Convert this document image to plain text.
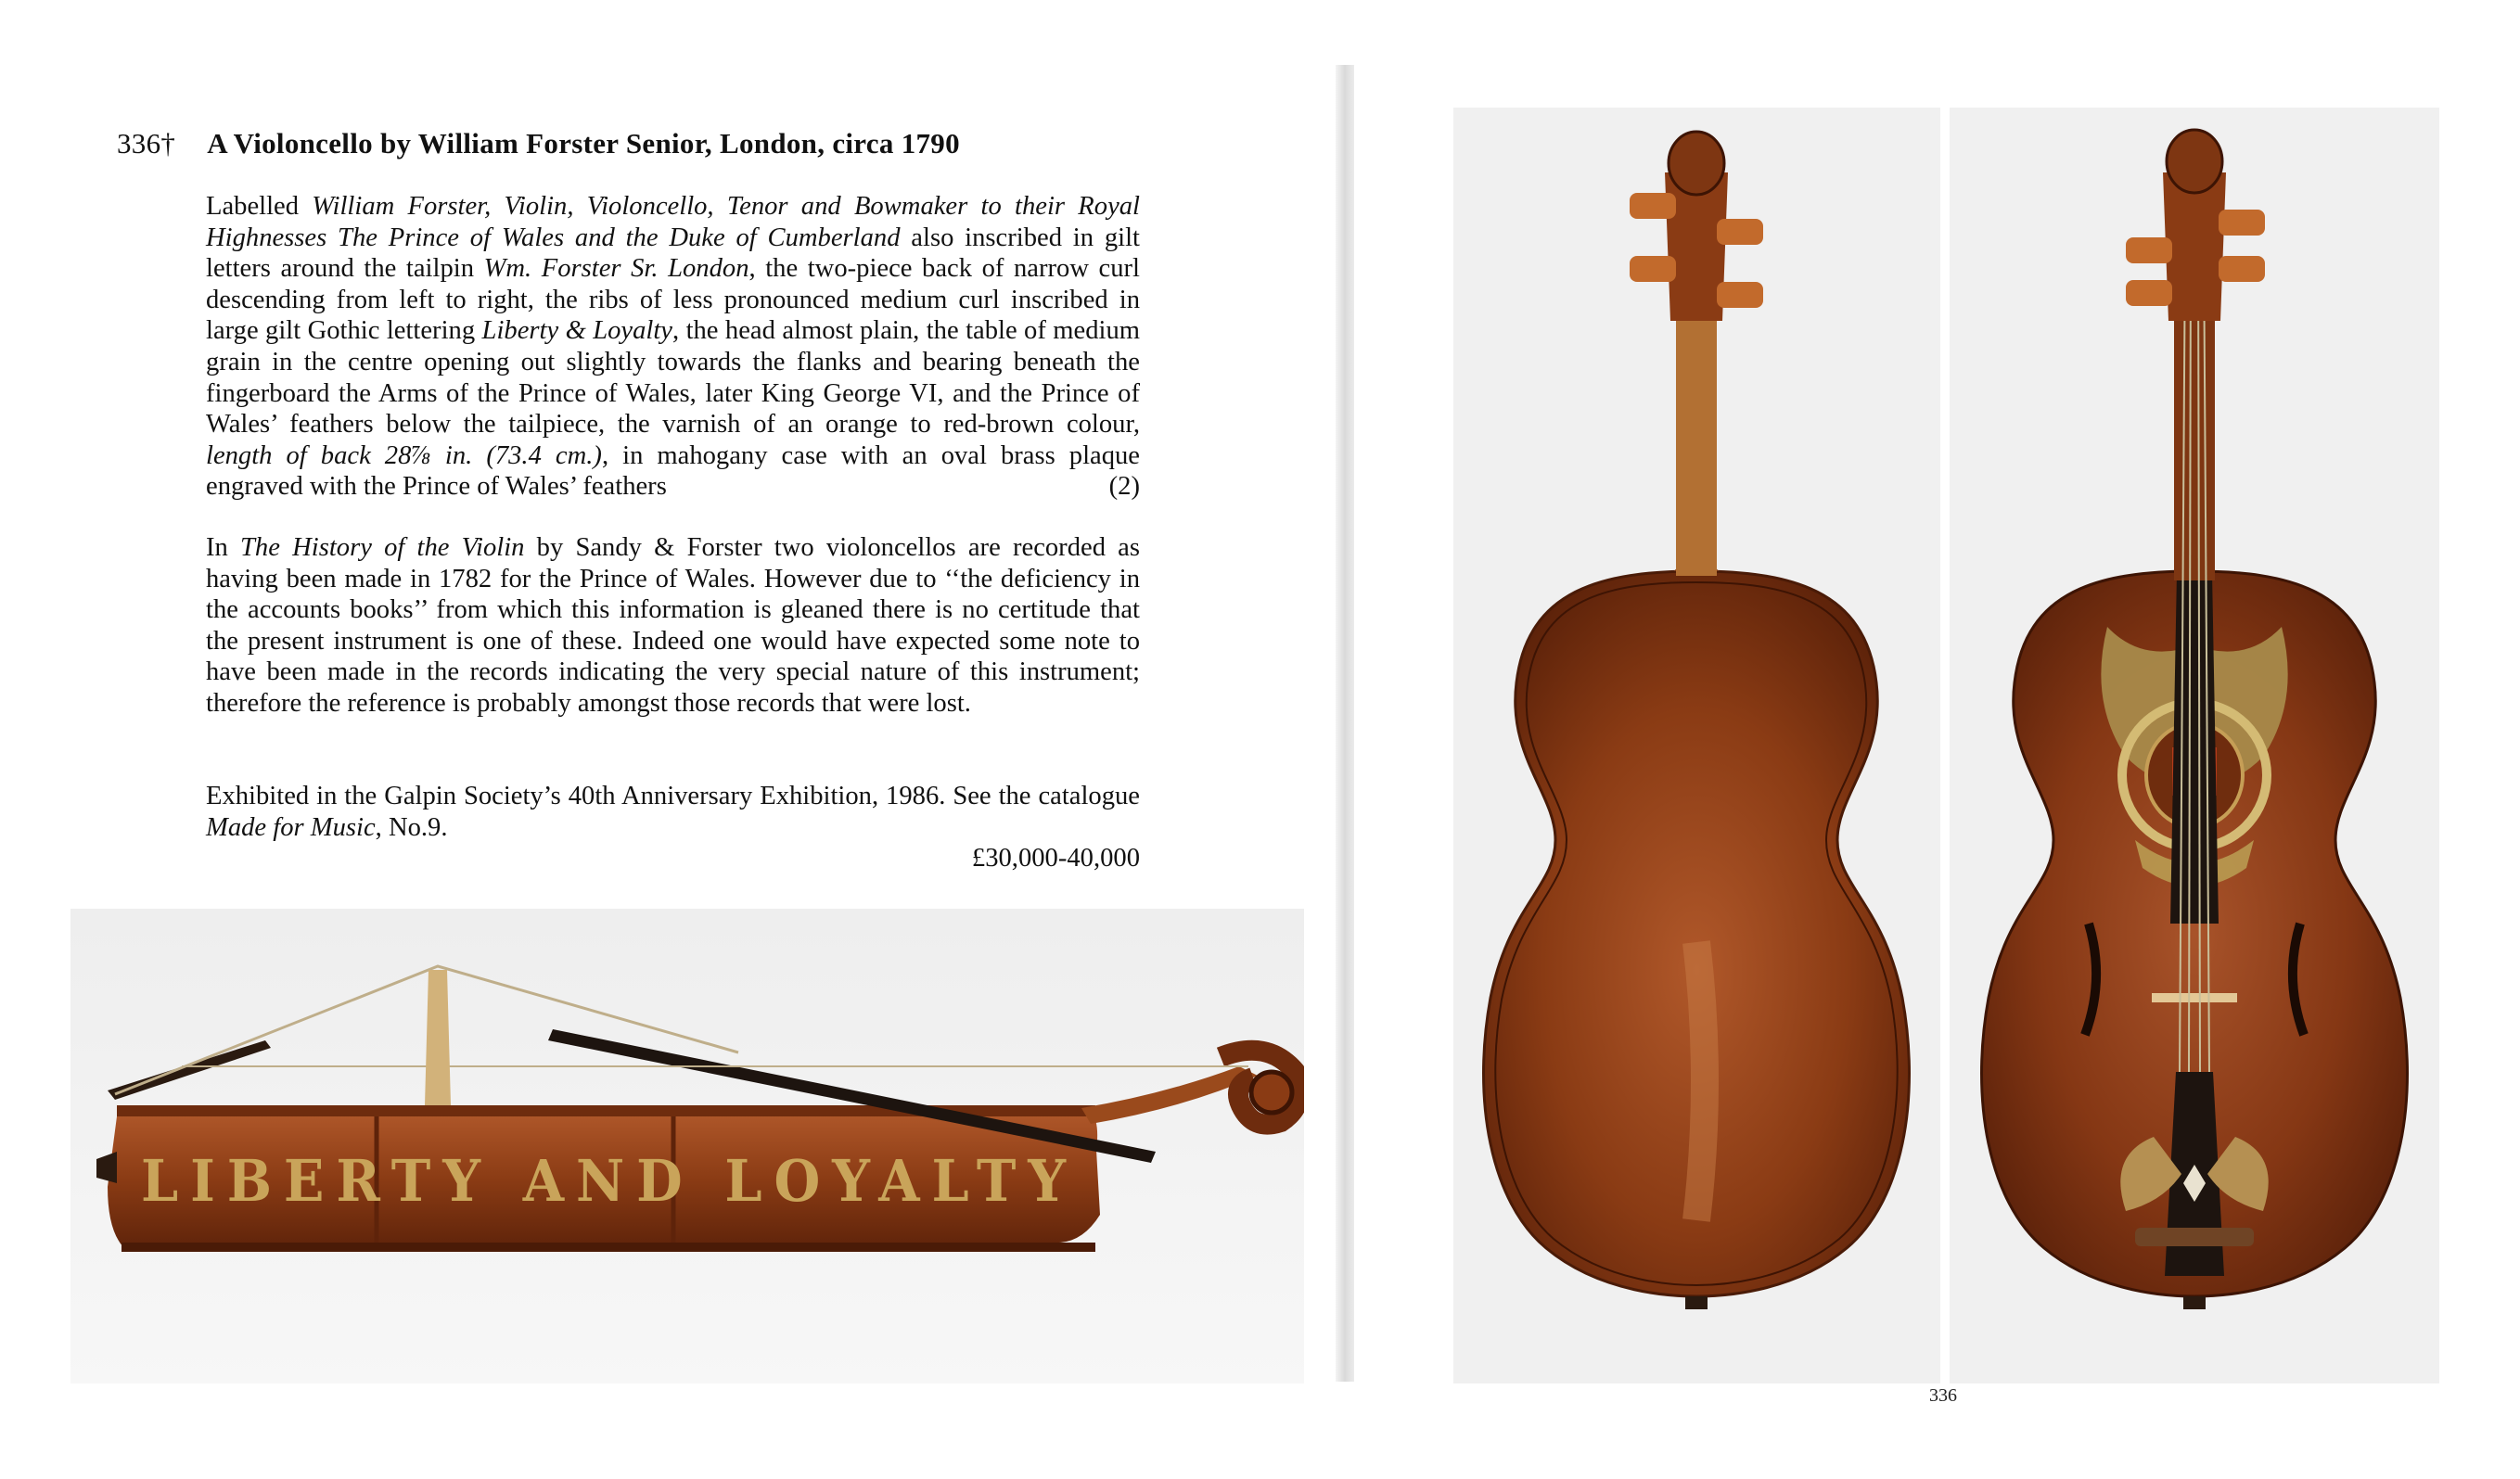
336† A Violoncello by William Forster Senior, London, circa 1790

Labelled William Forster, Violin, Violoncello, Tenor and Bowmaker to their Royal Highnesses The Prince of Wales and the Duke of Cumberland also inscribed in gilt letters around the tailpin Wm. Forster Sr. London, the two-piece back of narrow curl descending from left to right, the ribs of less pronounced medium curl inscribed in large gilt Gothic lettering Liberty & Loyalty, the head almost plain, the table of medium grain in the centre opening out slightly towards the flanks and bearing beneath the fingerboard the Arms of the Prince of Wales, later King George VI, and the Prince of Wales’ feathers below the tailpiece, the varnish of an orange to red-brown colour, length of back 28⅞ in. (73.4 cm.), in mahogany case with an oval brass plaque engraved with the Prince of Wales’ feathers	(2)

In The History of the Violin by Sandy & Forster two violoncellos are recorded as having been made in 1782 for the Prince of Wales. However due to ‘‘the deficiency in the accounts books’’ from which this information is gleaned there is no certitude that the present instrument is one of these. Indeed one would have expected some note to have been made in the records indicating the very special nature of this instrument; therefore the reference is probably amongst those records that were lost.

Exhibited in the Galpin Society’s 40th Anniversary Exhibition, 1986. See the catalogue Made for Music, No.9.

£30,000-40,000
LIBERTY AND LOYALTY
336
